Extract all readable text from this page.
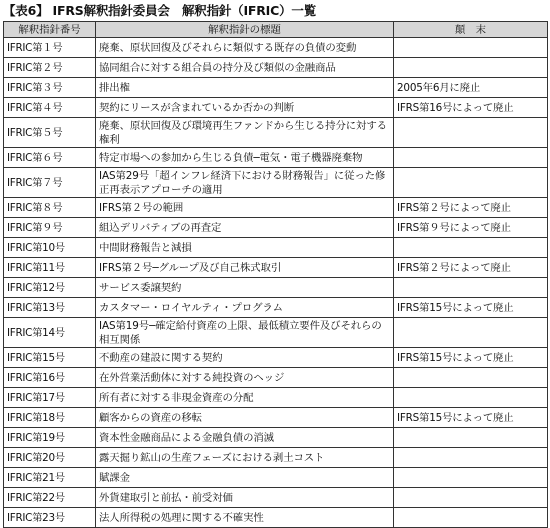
【表6】 IFRS解釈指針委員会　解釈指針（IFRIC）一覧
解釈指針番号	解釈指針の標題	顛　末
IFRIC第１号	廃棄、原状回復及びそれらに類似する既存の負債の変動	
IFRIC第２号	協同組合に対する組合員の持分及び類似の金融商品	
IFRIC第３号	排出権	2005年6月に廃止
IFRIC第４号	契約にリースが含まれているか否かの判断	IFRS第16号によって廃止
IFRIC第５号	廃棄、原状回復及び環境再生ファンドから生じる持分に対する権利	
IFRIC第６号	特定市場への参加から生じる負債─電気・電子機器廃棄物	
IFRIC第７号	IAS第29号「超インフレ経済下における財務報告」に従った修正再表示アプローチの適用	
IFRIC第８号	IFRS第２号の範囲	IFRS第２号によって廃止
IFRIC第９号	組込デリバティブの再査定	IFRS第９号によって廃止
IFRIC第10号	中間財務報告と減損	
IFRIC第11号	IFRS第２号─グループ及び自己株式取引	IFRS第２号によって廃止
IFRIC第12号	サービス委譲契約	
IFRIC第13号	カスタマー・ロイヤルティ・プログラム	IFRS第15号によって廃止
IFRIC第14号	IAS第19号─確定給付資産の上限、最低積立要件及びそれらの相互関係	
IFRIC第15号	不動産の建設に関する契約	IFRS第15号によって廃止
IFRIC第16号	在外営業活動体に対する純投資のヘッジ	
IFRIC第17号	所有者に対する非現金資産の分配	
IFRIC第18号	顧客からの資産の移転	IFRS第15号によって廃止
IFRIC第19号	資本性金融商品による金融負債の消滅	
IFRIC第20号	露天掘り鉱山の生産フェーズにおける剥土コスト	
IFRIC第21号	賦課金	
IFRIC第22号	外貨建取引と前払・前受対価	
IFRIC第23号	法人所得税の処理に関する不確実性	
